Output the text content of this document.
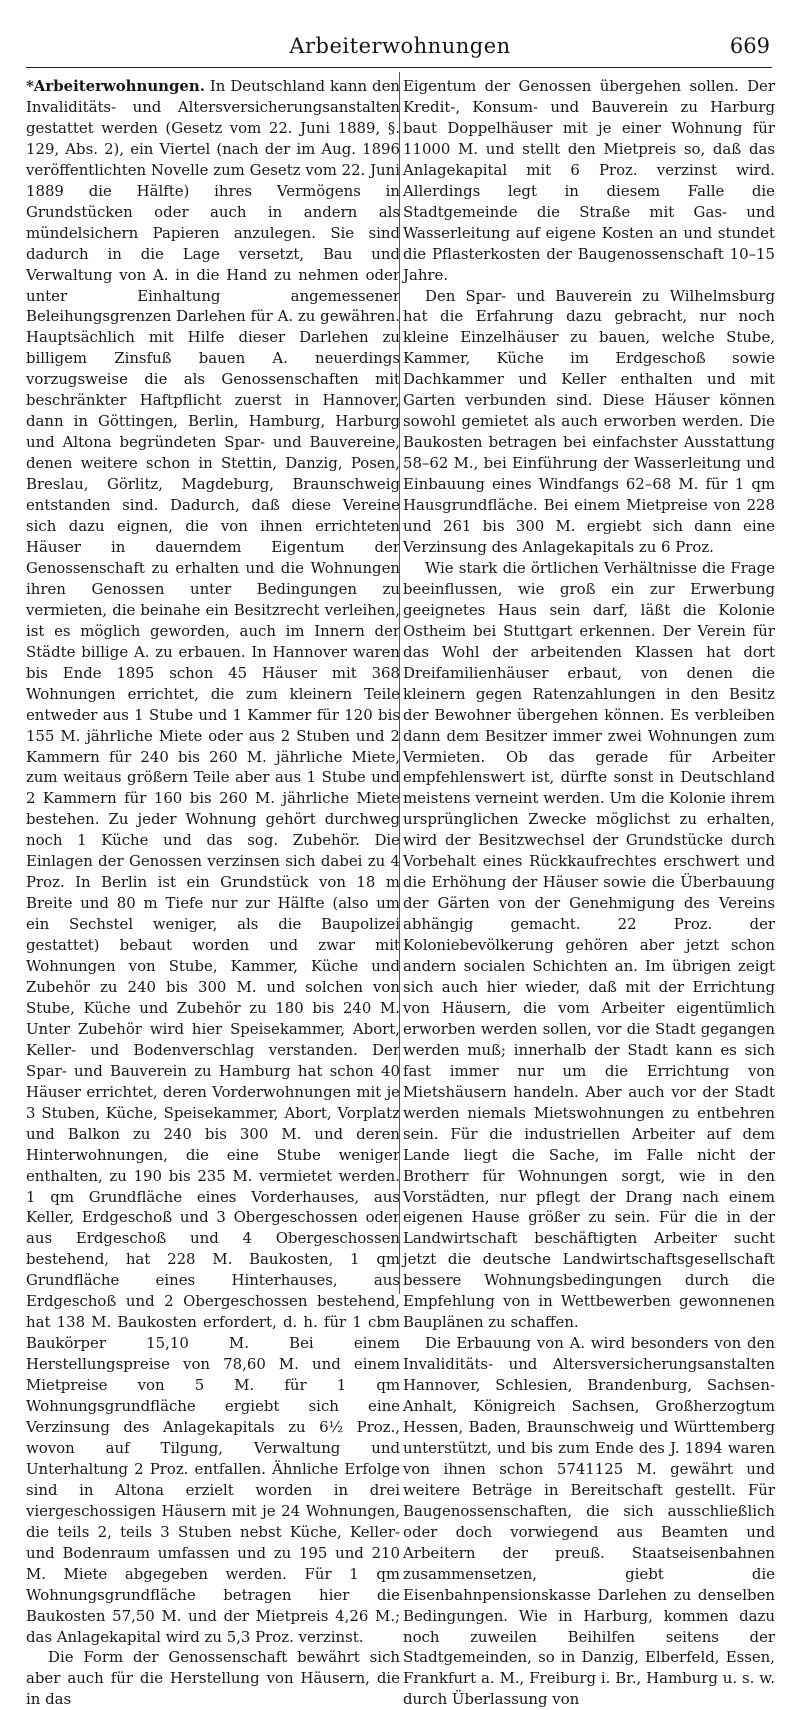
Arbeiterwohnungen	669

*Arbeiterwohnungen. In Deutschland kann den Invaliditäts- und Altersversicherungsanstalten gestattet werden (Gesetz vom 22. Juni 1889, §. 129, Abs. 2), ein Viertel (nach der im Aug. 1896 veröffentlichten Novelle zum Gesetz vom 22. Juni 1889 die Hälfte) ihres Vermögens in Grundstücken oder auch in andern als mündelsichern Papieren anzulegen. Sie sind dadurch in die Lage versetzt, Bau und Verwaltung von A. in die Hand zu nehmen oder unter Einhaltung angemessener Beleihungsgrenzen Darlehen für A. zu gewähren. Hauptsächlich mit Hilfe dieser Darlehen zu billigem Zinsfuß bauen A. neuerdings vorzugsweise die als Genossenschaften mit beschränkter Haftpflicht zuerst in Hannover, dann in Göttingen, Berlin, Hamburg, Harburg und Altona begründeten Spar- und Bauvereine, denen weitere schon in Stettin, Danzig, Posen, Breslau, Görlitz, Magdeburg, Braunschweig entstanden sind. Dadurch, daß diese Vereine sich dazu eignen, die von ihnen errichteten Häuser in dauerndem Eigentum der Genossenschaft zu erhalten und die Wohnungen ihren Genossen unter Bedingungen zu vermieten, die beinahe ein Besitzrecht verleihen, ist es möglich geworden, auch im Innern der Städte billige A. zu erbauen. In Hannover waren bis Ende 1895 schon 45 Häuser mit 368 Wohnungen errichtet, die zum kleinern Teile entweder aus 1 Stube und 1 Kammer für 120 bis 155 M. jährliche Miete oder aus 2 Stuben und 2 Kammern für 240 bis 260 M. jährliche Miete, zum weitaus größern Teile aber aus 1 Stube und 2 Kammern für 160 bis 260 M. jährliche Miete bestehen. Zu jeder Wohnung gehört durchweg noch 1 Küche und das sog. Zubehör. Die Einlagen der Genossen verzinsen sich dabei zu 4 Proz. In Berlin ist ein Grundstück von 18 m Breite und 80 m Tiefe nur zur Hälfte (also um ein Sechstel weniger, als die Baupolizei gestattet) bebaut worden und zwar mit Wohnungen von Stube, Kammer, Küche und Zubehör zu 240 bis 300 M. und solchen von Stube, Küche und Zubehör zu 180 bis 240 M. Unter Zubehör wird hier Speisekammer, Abort, Keller- und Bodenverschlag verstanden. Der Spar- und Bauverein zu Hamburg hat schon 40 Häuser errichtet, deren Vorderwohnungen mit je 3 Stuben, Küche, Speisekammer, Abort, Vorplatz und Balkon zu 240 bis 300 M. und deren Hinterwohnungen, die eine Stube weniger enthalten, zu 190 bis 235 M. vermietet werden. 1 qm Grundfläche eines Vorderhauses, aus Keller, Erdgeschoß und 3 Obergeschossen oder aus Erdgeschoß und 4 Obergeschossen bestehend, hat 228 M. Baukosten, 1 qm Grundfläche eines Hinterhauses, aus Erdgeschoß und 2 Obergeschossen bestehend, hat 138 M. Baukosten erfordert, d. h. für 1 cbm Baukörper 15,10 M. Bei einem Herstellungspreise von 78,60 M. und einem Mietpreise von 5 M. für 1 qm Wohnungsgrundfläche ergiebt sich eine Verzinsung des Anlagekapitals zu 6½ Proz., wovon auf Tilgung, Verwaltung und Unterhaltung 2 Proz. entfallen. Ähnliche Erfolge sind in Altona erzielt worden in drei viergeschossigen Häusern mit je 24 Wohnungen, die teils 2, teils 3 Stuben nebst Küche, Keller- und Bodenraum umfassen und zu 195 und 210 M. Miete abgegeben werden. Für 1 qm Wohnungsgrundfläche betragen hier die Baukosten 57,50 M. und der Mietpreis 4,26 M.; das Anlagekapital wird zu 5,3 Proz. verzinst.

Die Form der Genossenschaft bewährt sich aber auch für die Herstellung von Häusern, die in das

Eigentum der Genossen übergehen sollen. Der Kredit-, Konsum- und Bauverein zu Harburg baut Doppelhäuser mit je einer Wohnung für 11000 M. und stellt den Mietpreis so, daß das Anlagekapital mit 6 Proz. verzinst wird. Allerdings legt in diesem Falle die Stadtgemeinde die Straße mit Gas- und Wasserleitung auf eigene Kosten an und stundet die Pflasterkosten der Baugenossenschaft 10–15 Jahre.

Den Spar- und Bauverein zu Wilhelmsburg hat die Erfahrung dazu gebracht, nur noch kleine Einzelhäuser zu bauen, welche Stube, Kammer, Küche im Erdgeschoß sowie Dachkammer und Keller enthalten und mit Garten verbunden sind. Diese Häuser können sowohl gemietet als auch erworben werden. Die Baukosten betragen bei einfachster Ausstattung 58–62 M., bei Einführung der Wasserleitung und Einbauung eines Windfangs 62–68 M. für 1 qm Hausgrundfläche. Bei einem Mietpreise von 228 und 261 bis 300 M. ergiebt sich dann eine Verzinsung des Anlagekapitals zu 6 Proz.

Wie stark die örtlichen Verhältnisse die Frage beeinflussen, wie groß ein zur Erwerbung geeignetes Haus sein darf, läßt die Kolonie Ostheim bei Stuttgart erkennen. Der Verein für das Wohl der arbeitenden Klassen hat dort Dreifamilienhäuser erbaut, von denen die kleinern gegen Ratenzahlungen in den Besitz der Bewohner übergehen können. Es verbleiben dann dem Besitzer immer zwei Wohnungen zum Vermieten. Ob das gerade für Arbeiter empfehlenswert ist, dürfte sonst in Deutschland meistens verneint werden. Um die Kolonie ihrem ursprünglichen Zwecke möglichst zu erhalten, wird der Besitzwechsel der Grundstücke durch Vorbehalt eines Rückkaufrechtes erschwert und die Erhöhung der Häuser sowie die Überbauung der Gärten von der Genehmigung des Vereins abhängig gemacht. 22 Proz. der Koloniebevölkerung gehören aber jetzt schon andern socialen Schichten an. Im übrigen zeigt sich auch hier wieder, daß mit der Errichtung von Häusern, die vom Arbeiter eigentümlich erworben werden sollen, vor die Stadt gegangen werden muß; innerhalb der Stadt kann es sich fast immer nur um die Errichtung von Mietshäusern handeln. Aber auch vor der Stadt werden niemals Mietswohnungen zu entbehren sein. Für die industriellen Arbeiter auf dem Lande liegt die Sache, im Falle nicht der Brotherr für Wohnungen sorgt, wie in den Vorstädten, nur pflegt der Drang nach einem eigenen Hause größer zu sein. Für die in der Landwirtschaft beschäftigten Arbeiter sucht jetzt die deutsche Landwirtschaftsgesellschaft bessere Wohnungsbedingungen durch die Empfehlung von in Wettbewerben gewonnenen Bauplänen zu schaffen.

Die Erbauung von A. wird besonders von den Invaliditäts- und Altersversicherungsanstalten Hannover, Schlesien, Brandenburg, Sachsen-Anhalt, Königreich Sachsen, Großherzogtum Hessen, Baden, Braunschweig und Württemberg unterstützt, und bis zum Ende des J. 1894 waren von ihnen schon 5741125 M. gewährt und weitere Beträge in Bereitschaft gestellt. Für Baugenossenschaften, die sich ausschließlich oder doch vorwiegend aus Beamten und Arbeitern der preuß. Staatseisenbahnen zusammensetzen, giebt die Eisenbahnpensionskasse Darlehen zu denselben Bedingungen. Wie in Harburg, kommen dazu noch zuweilen Beihilfen seitens der Stadtgemeinden, so in Danzig, Elberfeld, Essen, Frankfurt a. M., Freiburg i. Br., Hamburg u. s. w. durch Überlassung von
